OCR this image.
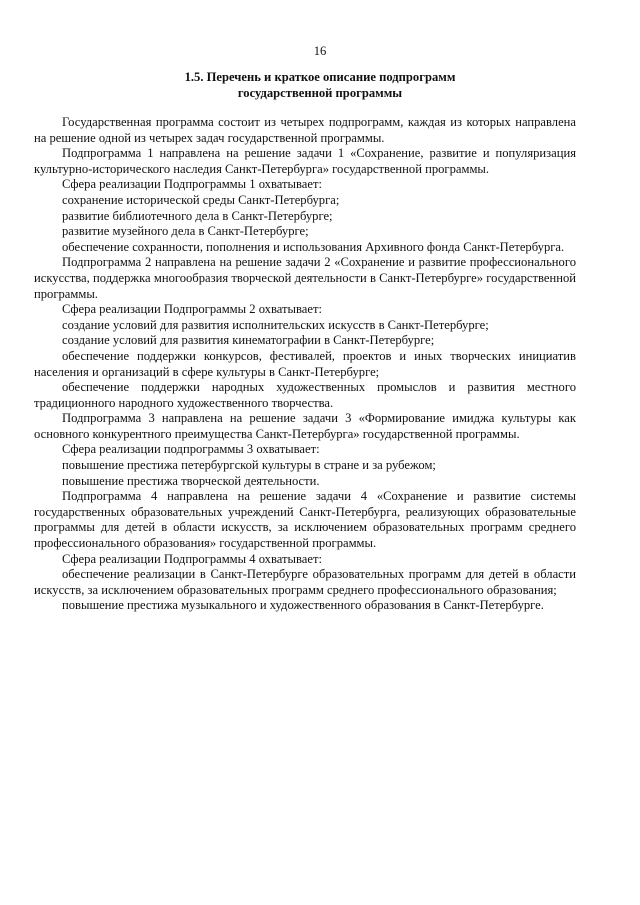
16
1.5. Перечень и краткое описание подпрограмм
государственной программы

Государственная программа состоит из четырех подпрограмм, каждая из которых направлена на решение одной из четырех задач государственной программы.

Подпрограмма 1 направлена на решение задачи 1 «Сохранение, развитие и популяризация культурно-исторического наследия Санкт-Петербурга» государственной программы.

Сфера реализации Подпрограммы 1 охватывает:

сохранение исторической среды Санкт-Петербурга;

развитие библиотечного дела в Санкт-Петербурге;

развитие музейного дела в Санкт-Петербурге;

обеспечение сохранности, пополнения и использования Архивного фонда Санкт-Петербурга.

Подпрограмма 2 направлена на решение задачи 2 «Сохранение и развитие профессионального искусства, поддержка многообразия творческой деятельности в Санкт-Петербурге» государственной программы.

Сфера реализации Подпрограммы 2 охватывает:

создание условий для развития исполнительских искусств в Санкт-Петербурге;

создание условий для развития кинематографии в Санкт-Петербурге;

обеспечение поддержки конкурсов, фестивалей, проектов и иных творческих инициатив населения и организаций в сфере культуры в Санкт-Петербурге;

обеспечение поддержки народных художественных промыслов и развития местного традиционного народного художественного творчества.

Подпрограмма 3 направлена на решение задачи 3 «Формирование имиджа культуры как основного конкурентного преимущества Санкт-Петербурга» государственной программы.

Сфера реализации подпрограммы 3 охватывает:

повышение престижа петербургской культуры в стране и за рубежом;

повышение престижа творческой деятельности.

Подпрограмма 4 направлена на решение задачи 4 «Сохранение и развитие системы государственных образовательных учреждений Санкт-Петербурга, реализующих образовательные программы для детей в области искусств, за исключением образовательных программ среднего профессионального образования» государственной программы.

Сфера реализации Подпрограммы 4 охватывает:

обеспечение реализации в Санкт-Петербурге образовательных программ для детей в области искусств, за исключением образовательных программ среднего профессионального образования;

повышение престижа музыкального и художественного образования в Санкт-Петербурге.
